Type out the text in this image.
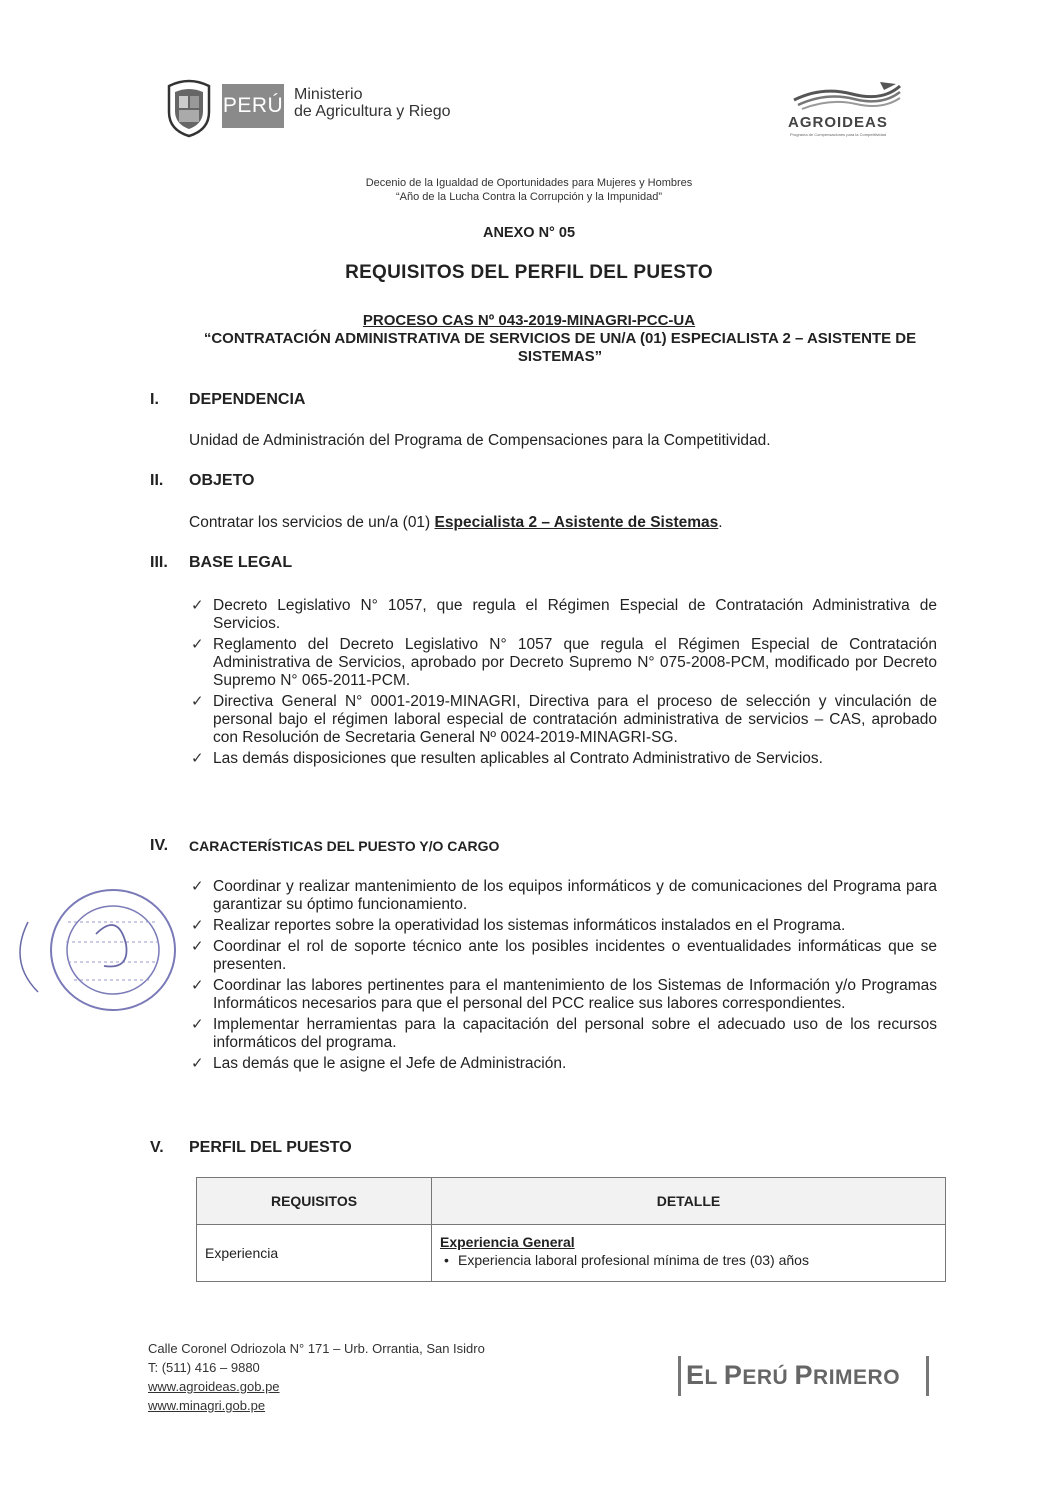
PERÚ Ministerio
de Agricultura y Riego
AGROIDEAS
Programa de Compensaciones para la Competitividad
Decenio de la Igualdad de Oportunidades para Mujeres y Hombres
“Año de la Lucha Contra la Corrupción y la Impunidad”
ANEXO N° 05
REQUISITOS DEL PERFIL DEL PUESTO
PROCESO CAS Nº 043-2019-MINAGRI-PCC-UA
“CONTRATACIÓN ADMINISTRATIVA DE SERVICIOS DE UN/A (01) ESPECIALISTA 2 – ASISTENTE DE SISTEMAS”
I. DEPENDENCIA
Unidad de Administración del Programa de Compensaciones para la Competitividad.
II. OBJETO
Contratar los servicios de un/a (01) Especialista 2 – Asistente de Sistemas.
III. BASE LEGAL
✓ Decreto Legislativo N° 1057, que regula el Régimen Especial de Contratación Administrativa de Servicios.
✓ Reglamento del Decreto Legislativo N° 1057 que regula el Régimen Especial de Contratación Administrativa de Servicios, aprobado por Decreto Supremo N° 075-2008-PCM, modificado por Decreto Supremo N° 065-2011-PCM.
✓ Directiva General N° 0001-2019-MINAGRI, Directiva para el proceso de selección y vinculación de personal bajo el régimen laboral especial de contratación administrativa de servicios – CAS, aprobado con Resolución de Secretaria General Nº 0024-2019-MINAGRI-SG.
✓ Las demás disposiciones que resulten aplicables al Contrato Administrativo de Servicios.
IV. CARACTERÍSTICAS DEL PUESTO Y/O CARGO
✓ Coordinar y realizar mantenimiento de los equipos informáticos y de comunicaciones del Programa para garantizar su óptimo funcionamiento.
✓ Realizar reportes sobre la operatividad los sistemas informáticos instalados en el Programa.
✓ Coordinar el rol de soporte técnico ante los posibles incidentes o eventualidades informáticas que se presenten.
✓ Coordinar las labores pertinentes para el mantenimiento de los Sistemas de Información y/o Programas Informáticos necesarios para que el personal del PCC realice sus labores correspondientes.
✓ Implementar herramientas para la capacitación del personal sobre el adecuado uso de los recursos informáticos del programa.
✓ Las demás que le asigne el Jefe de Administración.
V. PERFIL DEL PUESTO
REQUISITOS	DETALLE
Experiencia	Experiencia General
• Experiencia laboral profesional mínima de tres (03) años
Calle Coronel Odriozola N° 171 – Urb. Orrantia, San Isidro
T: (511) 416 – 9880
www.agroideas.gob.pe
www.minagri.gob.pe
EL PERÚ PRIMERO
